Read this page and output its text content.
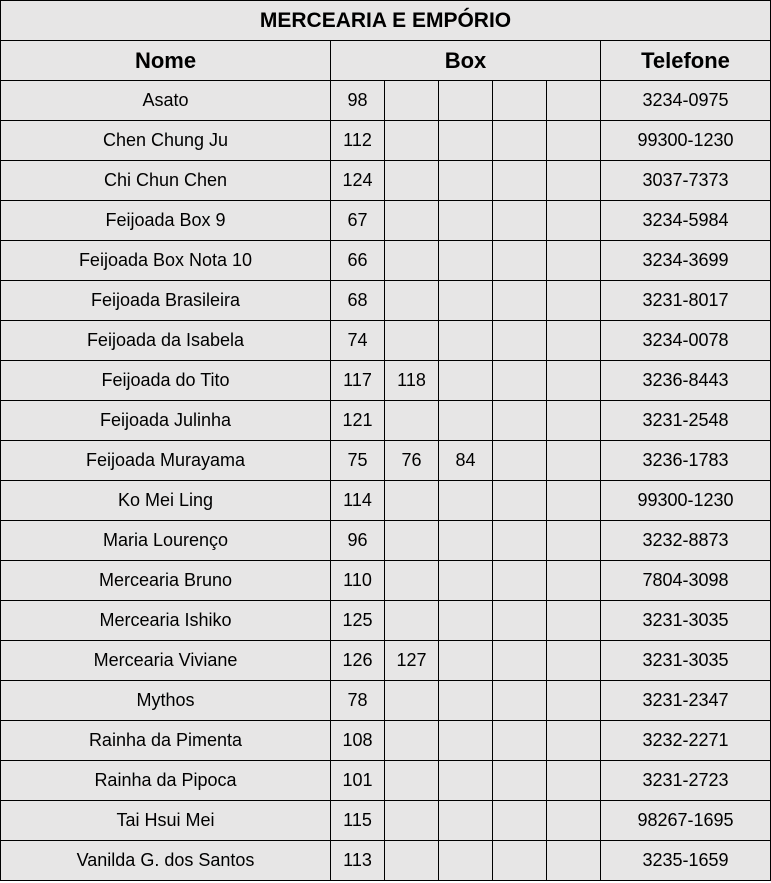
MERCEARIA E EMPÓRIO						
Nome	Box					Telefone
Asato	98					3234-0975
Chen Chung Ju	112					99300-1230
Chi Chun Chen	124					3037-7373
Feijoada Box 9	67					3234-5984
Feijoada Box Nota 10	66					3234-3699
Feijoada Brasileira	68					3231-8017
Feijoada da Isabela	74					3234-0078
Feijoada do Tito	117	118				3236-8443
Feijoada Julinha	121					3231-2548
Feijoada Murayama	75	76	84			3236-1783
Ko Mei Ling	114					99300-1230
Maria Lourenço	96					3232-8873
Mercearia Bruno	110					7804-3098
Mercearia Ishiko	125					3231-3035
Mercearia Viviane	126	127				3231-3035
Mythos	78					3231-2347
Rainha da Pimenta	108					3232-2271
Rainha da Pipoca	101					3231-2723
Tai Hsui Mei	115					98267-1695
Vanilda G. dos Santos	113					3235-1659
